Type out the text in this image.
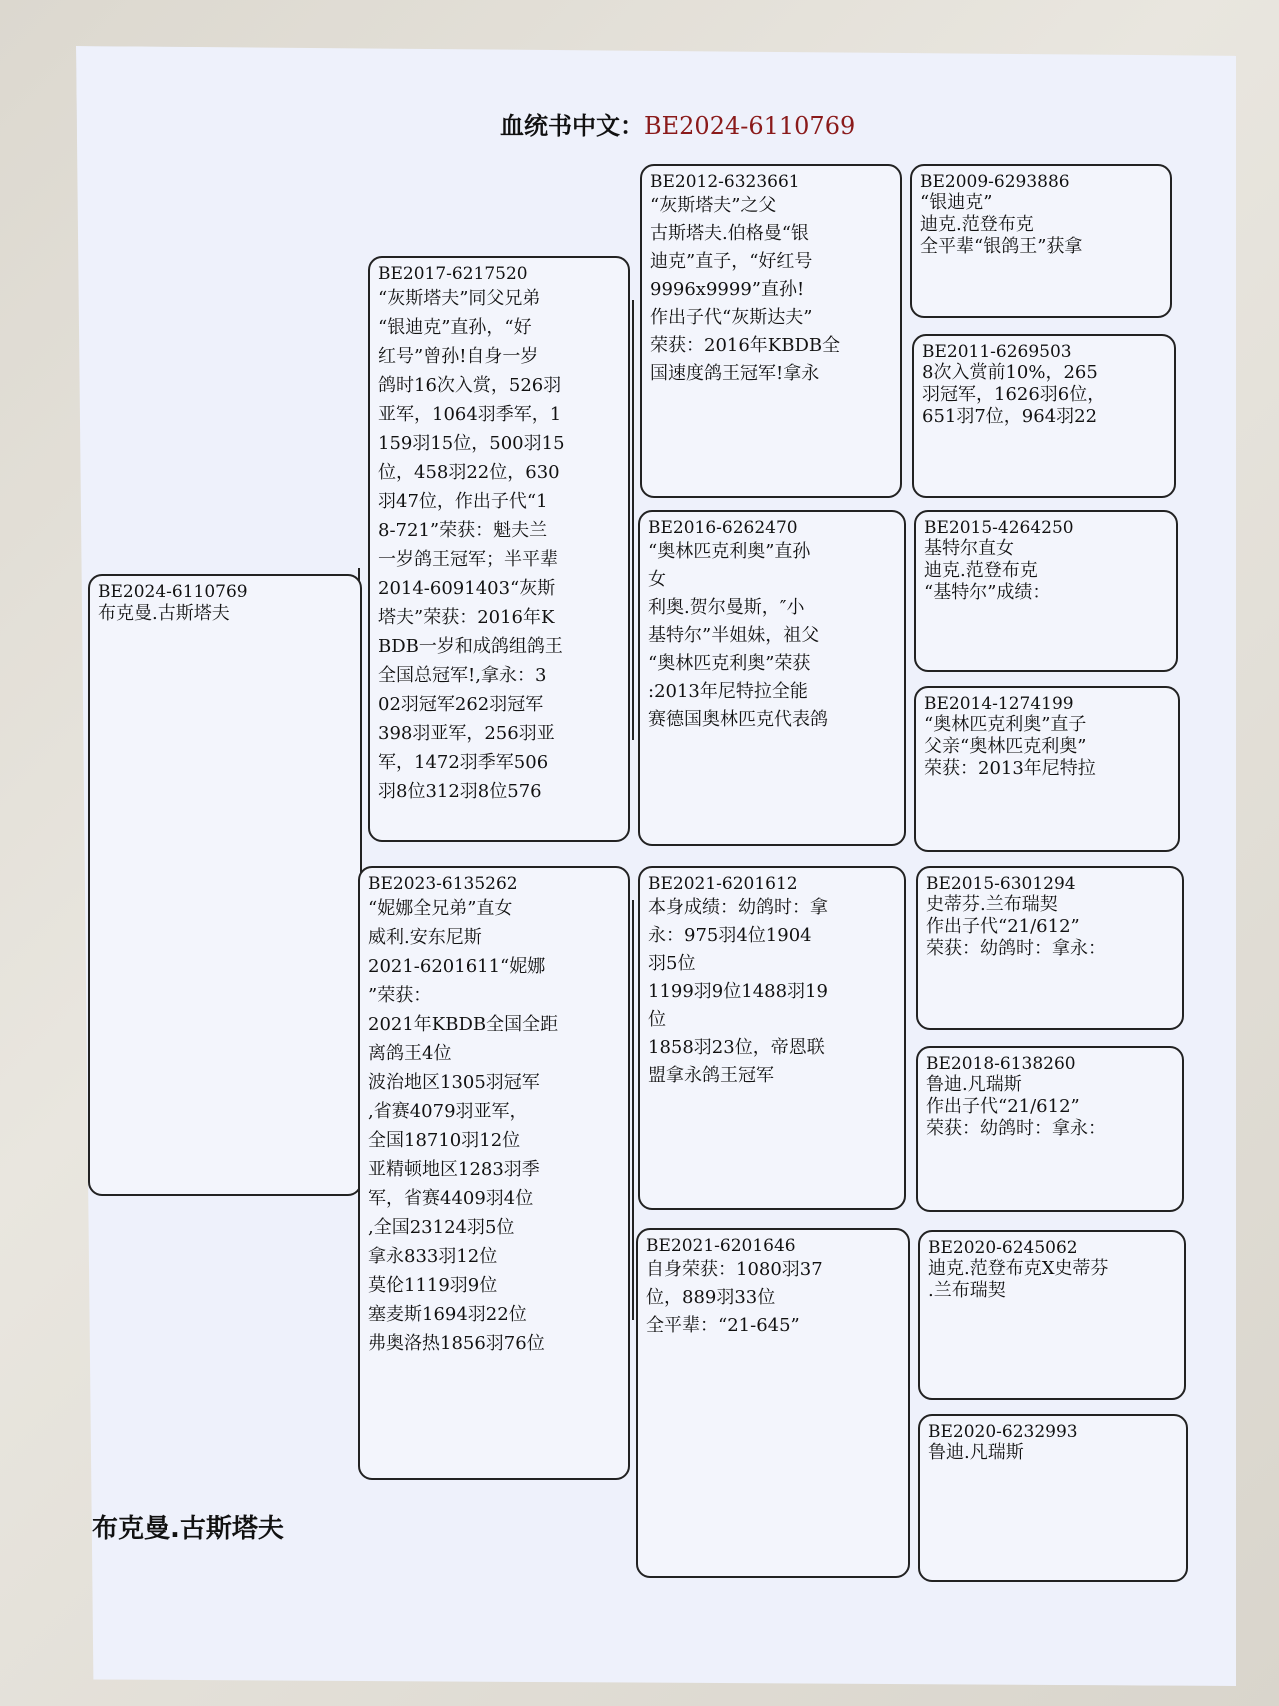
血统书中文：BE2024-6110769
BE2024-6110769
布克曼.古斯塔夫
BE2017-6217520
“灰斯塔夫”同父兄弟
“银迪克”直孙，“好
红号”曾孙!自身一岁
鸽时16次入赏，526羽
亚军，1064羽季军，1
159羽15位，500羽15
位，458羽22位，630
羽47位，作出子代“1
8-721”荣获：魁夫兰
一岁鸽王冠军；半平辈
2014-6091403“灰斯
塔夫”荣获：2016年K
BDB一岁和成鸽组鸽王
全国总冠军!,拿永：3
02羽冠军262羽冠军
398羽亚军，256羽亚
军，1472羽季军506
羽8位312羽8位576
BE2023-6135262
“妮娜全兄弟”直女
威利.安东尼斯
2021-6201611“妮娜
”荣获：
2021年KBDB全国全距
离鸽王4位
波治地区1305羽冠军
,省赛4079羽亚军，
全国18710羽12位
亚精顿地区1283羽季
军，省赛4409羽4位
,全国23124羽5位
拿永833羽12位
莫伦1119羽9位
塞麦斯1694羽22位
弗奥洛热1856羽76位
BE2012-6323661
“灰斯塔夫”之父
古斯塔夫.伯格曼“银
迪克”直子，“好红号
9996x9999”直孙!
作出子代“灰斯达夫”
荣获：2016年KBDB全
国速度鸽王冠军!拿永
BE2016-6262470
“奥林匹克利奥”直孙
女
利奥.贺尔曼斯，″小
基特尔”半姐妹，祖父
“奥林匹克利奥”荣获
:2013年尼特拉全能
赛德国奥林匹克代表鸽
BE2021-6201612
本身成绩：幼鸽时：拿
永：975羽4位1904
羽5位
1199羽9位1488羽19
位
1858羽23位，帝恩联
盟拿永鸽王冠军
BE2021-6201646
自身荣获：1080羽37
位，889羽33位
全平辈：“21-645”
BE2009-6293886
“银迪克”
迪克.范登布克
全平辈“银鸽王”获拿
BE2011-6269503
8次入赏前10%，265
羽冠军，1626羽6位，
651羽7位，964羽22
BE2015-4264250
基特尔直女
迪克.范登布克
“基特尔”成绩：
BE2014-1274199
“奥林匹克利奥”直子
父亲“奥林匹克利奥”
荣获：2013年尼特拉
BE2015-6301294
史蒂芬.兰布瑞契
作出子代“21/612”
荣获：幼鸽时：拿永：
BE2018-6138260
鲁迪.凡瑞斯
作出子代“21/612”
荣获：幼鸽时：拿永：
BE2020-6245062
迪克.范登布克X史蒂芬
.兰布瑞契
BE2020-6232993
鲁迪.凡瑞斯
布克曼.古斯塔夫
